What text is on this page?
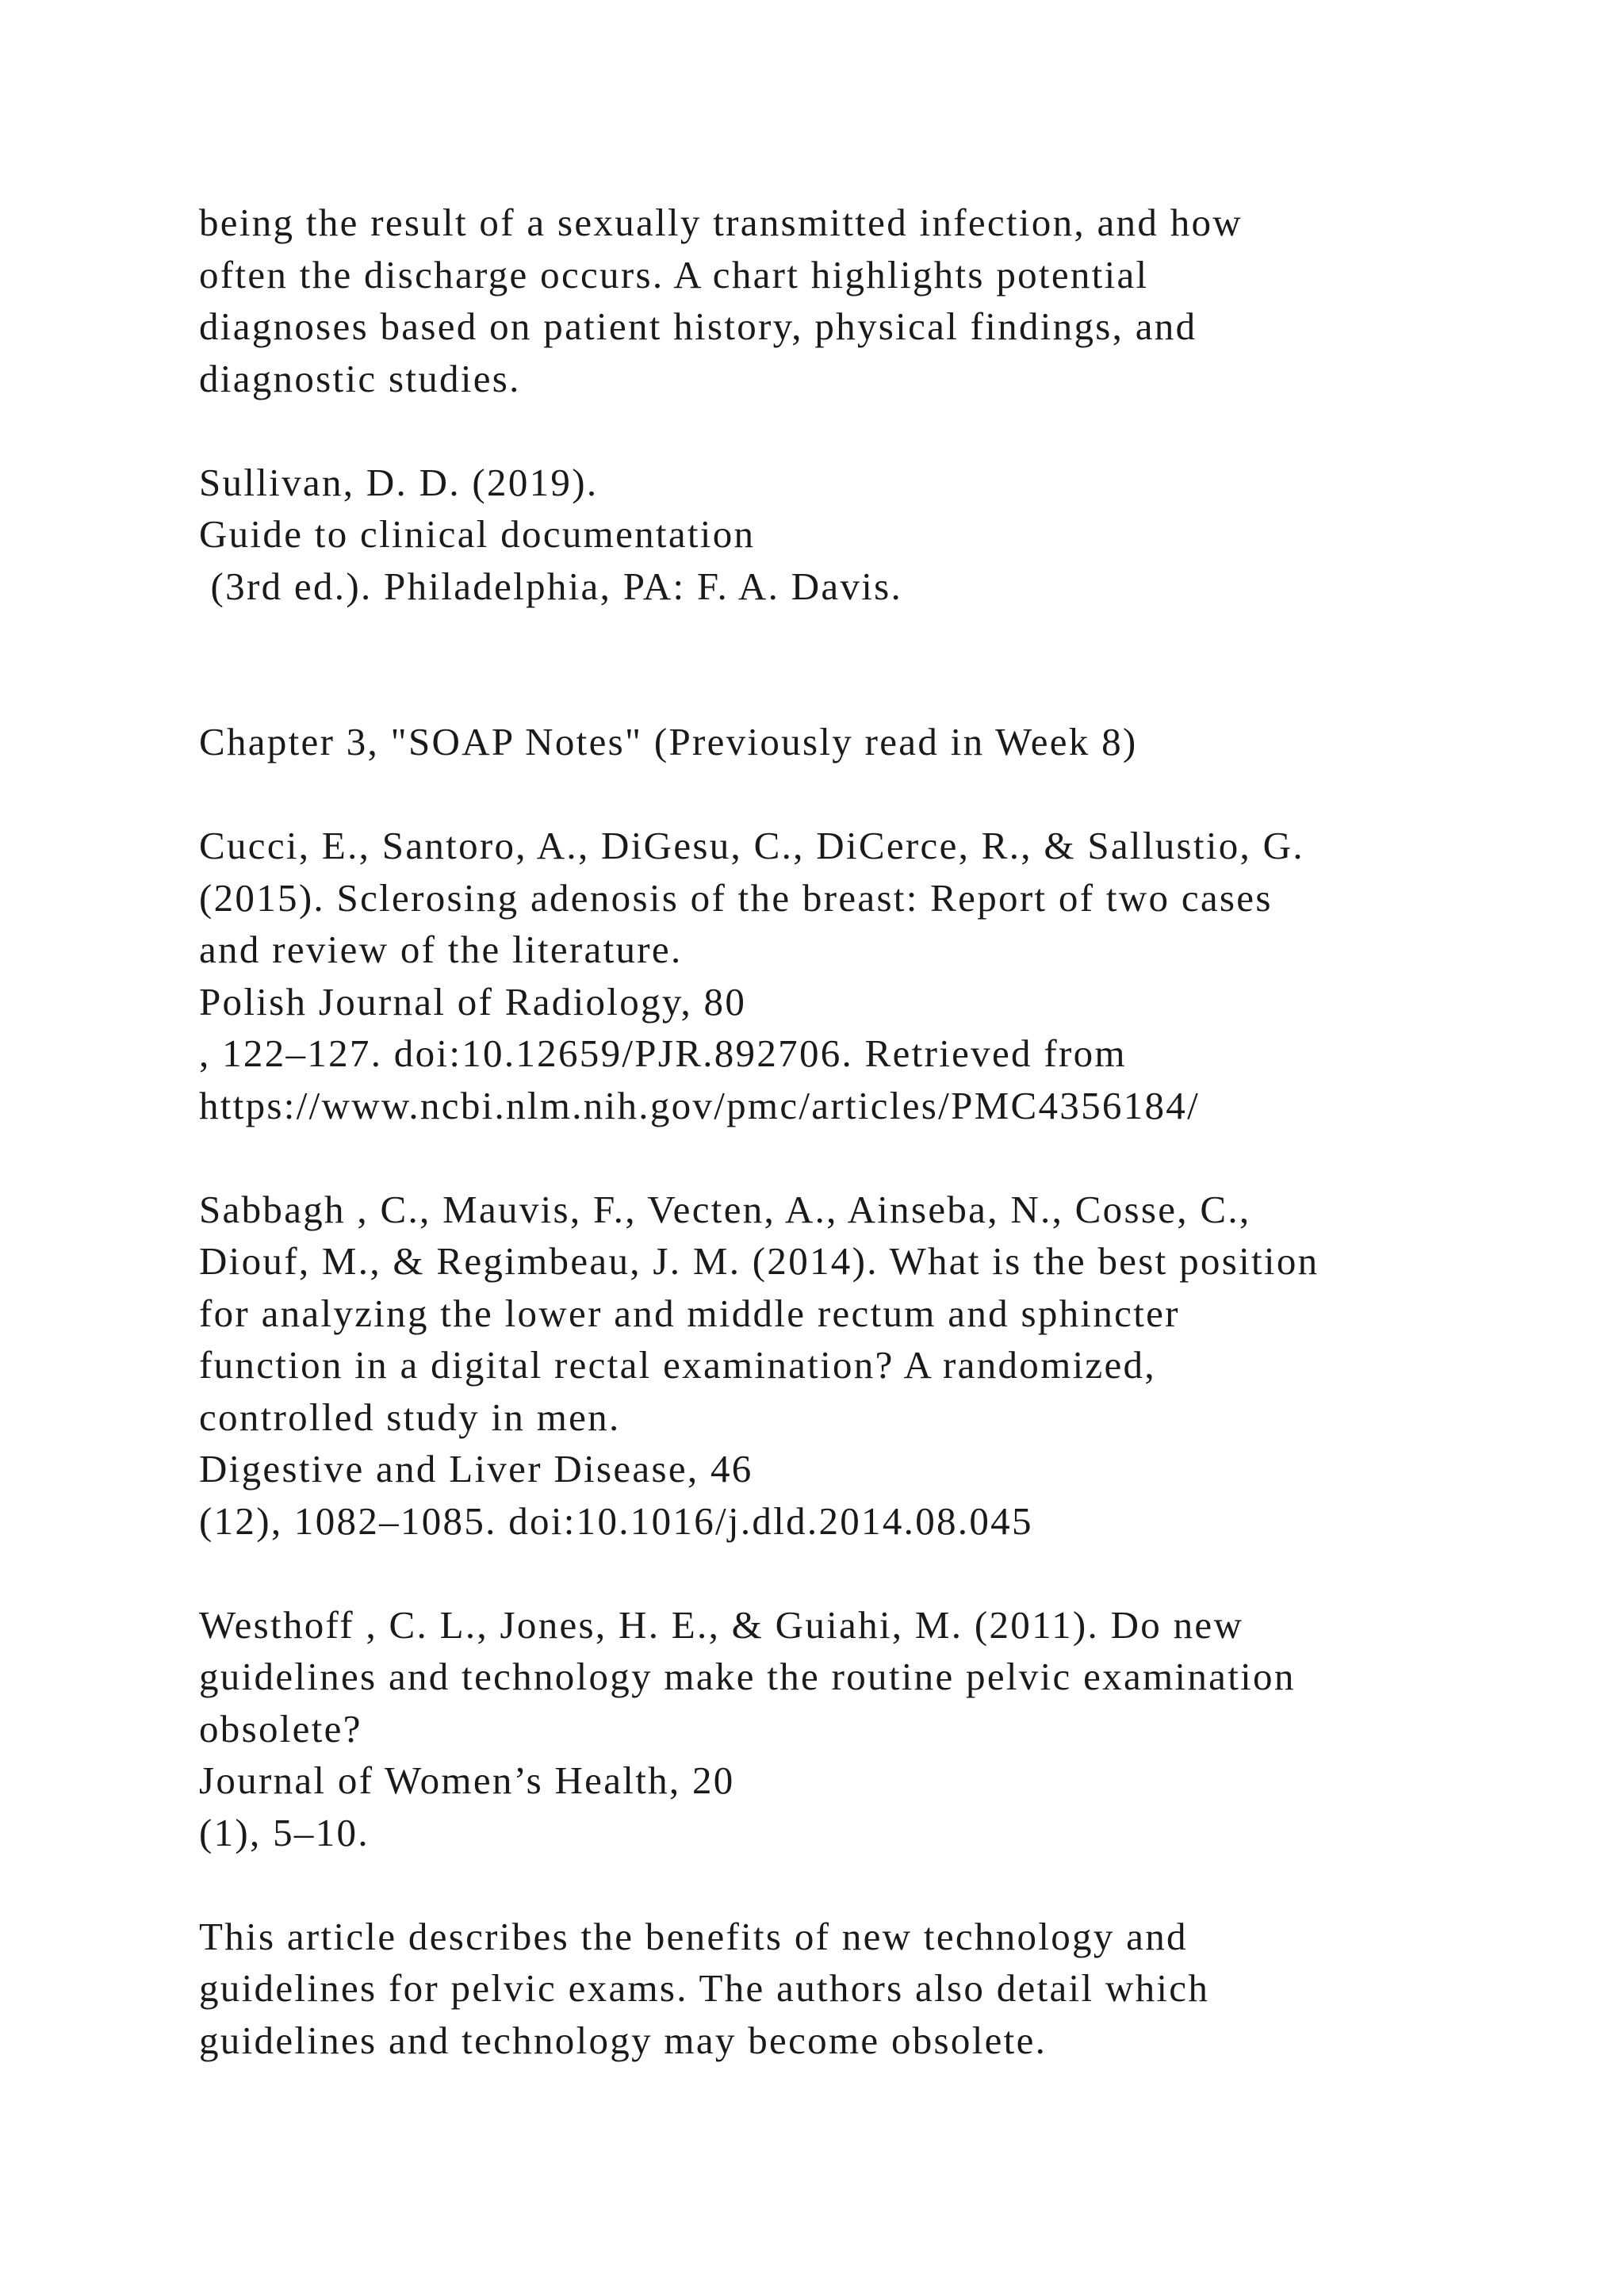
being the result of a sexually transmitted infection, and how
often the discharge occurs. A chart highlights potential
diagnoses based on patient history, physical findings, and
diagnostic studies.
Sullivan, D. D. (2019).
Guide to clinical documentation
(3rd ed.). Philadelphia, PA: F. A. Davis.
Chapter 3, "SOAP Notes" (Previously read in Week 8)
Cucci, E., Santoro, A., DiGesu, C., DiCerce, R., & Sallustio, G.
(2015). Sclerosing adenosis of the breast: Report of two cases
and review of the literature.
Polish Journal of Radiology, 80
, 122–127. doi:10.12659/PJR.892706. Retrieved from
https://www.ncbi.nlm.nih.gov/pmc/articles/PMC4356184/
Sabbagh , C., Mauvis, F., Vecten, A., Ainseba, N., Cosse, C.,
Diouf, M., & Regimbeau, J. M. (2014). What is the best position
for analyzing the lower and middle rectum and sphincter
function in a digital rectal examination? A randomized,
controlled study in men.
Digestive and Liver Disease, 46
(12), 1082–1085. doi:10.1016/j.dld.2014.08.045
Westhoff , C. L., Jones, H. E., & Guiahi, M. (2011). Do new
guidelines and technology make the routine pelvic examination
obsolete?
Journal of Women’s Health, 20
(1), 5–10.
This article describes the benefits of new technology and
guidelines for pelvic exams. The authors also detail which
guidelines and technology may become obsolete.
